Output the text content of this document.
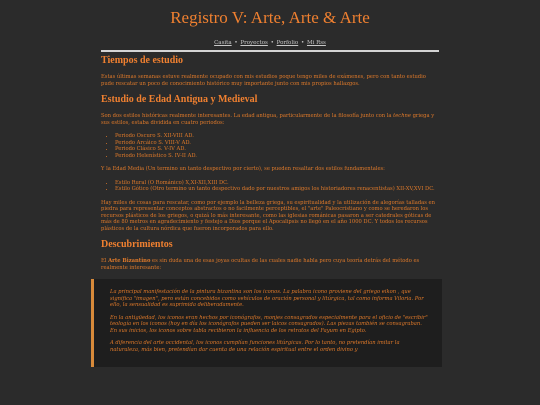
Registro V: Arte, Arte & Arte
Casita • Proyectos • Porfolio • Mi Rss
Tiempos de estudio

Estas últimas semanas estuve realmente ocupado con mis estudios poque tengo miles de exámenes, pero con tanto estudio pude rescatar un poco de conocimiento histórico muy importante junto con mis propios hallazgos.

Estudio de Edad Antigua y Medieval

Son dos estilos históricas realmente interesantes. La edad antigua, particularmente de la filosofía junto con la techne griega y sus estilos, estaba dividida en cuatro periodos:

• Periodo Oscuro S. XII-VIII AD.
• Periodo Arcáico S. VIII-V AD.
• Periodo Clásico S. V-IV AD.
• Periodo Helenístico S. IV-II AD.

Y la Edad Media (Un termino un tanto despectivo por cierto), se pueden resaltar dos estilos fundamentales:

• Estilo Rural (O Románico) X,XI-XII,XIII DC.
• Estilo Gótico (Otro termino un tanto despectivo dado por nuestros amigos los historiadores renacentistas) XII-XV,XVI DC.

Hay miles de cosas para rescatar, como por ejemplo la belleza griega, su espiritualidad y la utilización de alegorías talladas en piedra para representar conceptos abstractos o no facilmente perceptibles, el "arte" Paleocristiano y como se heredaron los recursos plásticos de los griegos, o quizá lo más interesante, como las iglesias románicas pasaron a ser catedrales góticas de más de 80 metros en agradecimiento y festejo a Dios porque el Apocalipsis no llegó en el año 1000 DC. Y todos los recursos plásticos de la cultura nórdica que fueron incorporados para ello.

Descubrimientos

El Arte Bizantino es sin duda una de esas joyas ocultas de las cuales nadie habla pero cuya teoría detrás del método es realmente interesante:

La principal manifestación de la pintura bizantina son los iconos. La palabra icono proviene del griego eikon , que significa "imagen", pero están concebidos como vehículos de oración personal y litúrgica, tal como informa Viloria. Por ello, la sensualidad es suprimida deliberadamente.

En la antigüedad, los iconos eran hechos por iconógrafos, monjes consagrados especialmente para el oficio de "escribir" teología en los iconos (hoy en día los iconógrafos pueden ser laicos consagrados). Las piezas también se consagraban. En sus inicios, los iconos sobre tabla recibieron la influencia de los retratos del Fayum en Egipto.

A diferencia del arte occidental, los iconos cumplían funciones litúrgicas. Por lo tanto, no pretendían imitar la naturaleza, más bien, pretendían dar cuenta de una relación espiritual entre el orden divino y
